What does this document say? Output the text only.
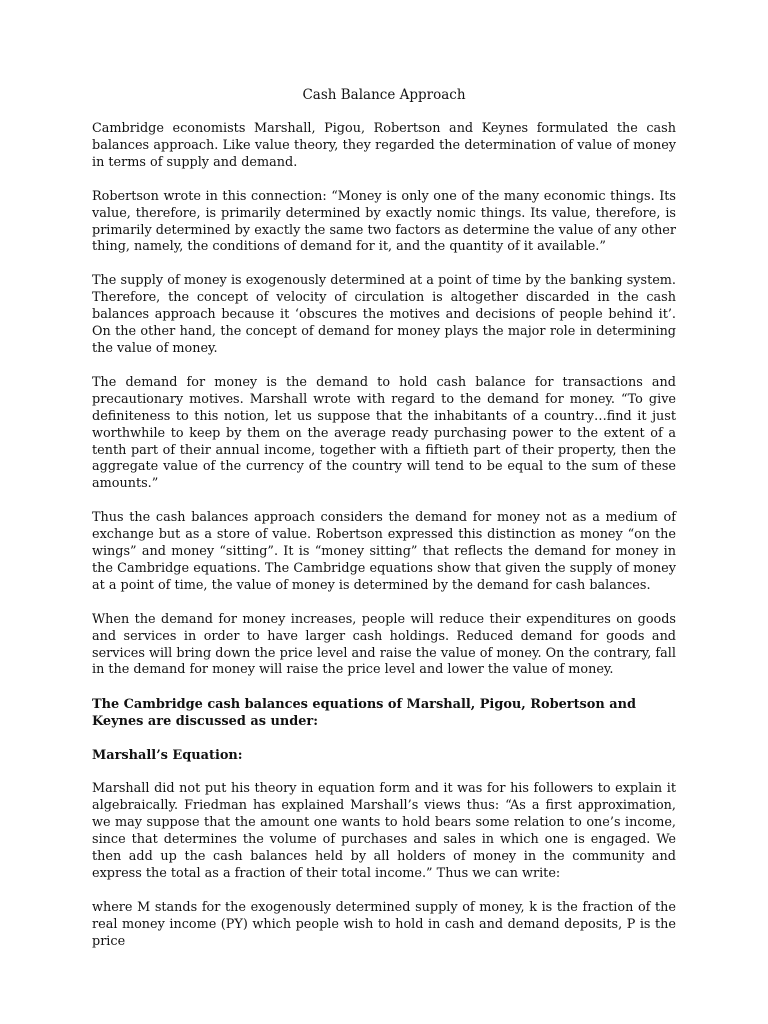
Cash Balance Approach

Cambridge economists Marshall, Pigou, Robertson and Keynes formulated the cash balances approach. Like value theory, they regarded the determination of value of money in terms of supply and demand.

Robertson wrote in this connection: “Money is only one of the many economic things. Its value, therefore, is primarily determined by exactly nomic things. Its value, therefore, is primarily determined by exactly the same two factors as determine the value of any other thing, namely, the conditions of demand for it, and the quantity of it available.”

The supply of money is exogenously determined at a point of time by the banking system. Therefore, the concept of velocity of circulation is altogether discarded in the cash balances approach because it ‘obscures the motives and decisions of people behind it’. On the other hand, the concept of demand for money plays the major role in determining the value of money.

The demand for money is the demand to hold cash balance for transactions and precautionary motives. Marshall wrote with regard to the demand for money. “To give definiteness to this notion, let us suppose that the inhabitants of a country…find it just worthwhile to keep by them on the average ready purchasing power to the extent of a tenth part of their annual income, together with a fiftieth part of their property, then the aggregate value of the currency of the country will tend to be equal to the sum of these amounts.”

Thus the cash balances approach considers the demand for money not as a medium of exchange but as a store of value. Robertson expressed this distinction as money “on the wings” and money “sitting”. It is “money sitting” that reflects the demand for money in the Cambridge equations. The Cambridge equations show that given the supply of money at a point of time, the value of money is determined by the demand for cash balances.

When the demand for money increases, people will reduce their expenditures on goods and services in order to have larger cash holdings. Reduced demand for goods and services will bring down the price level and raise the value of money. On the contrary, fall in the demand for money will raise the price level and lower the value of money.

The Cambridge cash balances equations of Marshall, Pigou, Robertson and Keynes are discussed as under:
Marshall’s Equation:

Marshall did not put his theory in equation form and it was for his followers to explain it algebraically. Friedman has explained Marshall’s views thus: “As a first approximation, we may suppose that the amount one wants to hold bears some relation to one’s income, since that determines the volume of purchases and sales in which one is engaged. We then add up the cash balances held by all holders of money in the community and express the total as a fraction of their total income.” Thus we can write:

where M stands for the exogenously determined supply of money, k is the fraction of the real money income (PY) which people wish to hold in cash and demand deposits, P is the price
